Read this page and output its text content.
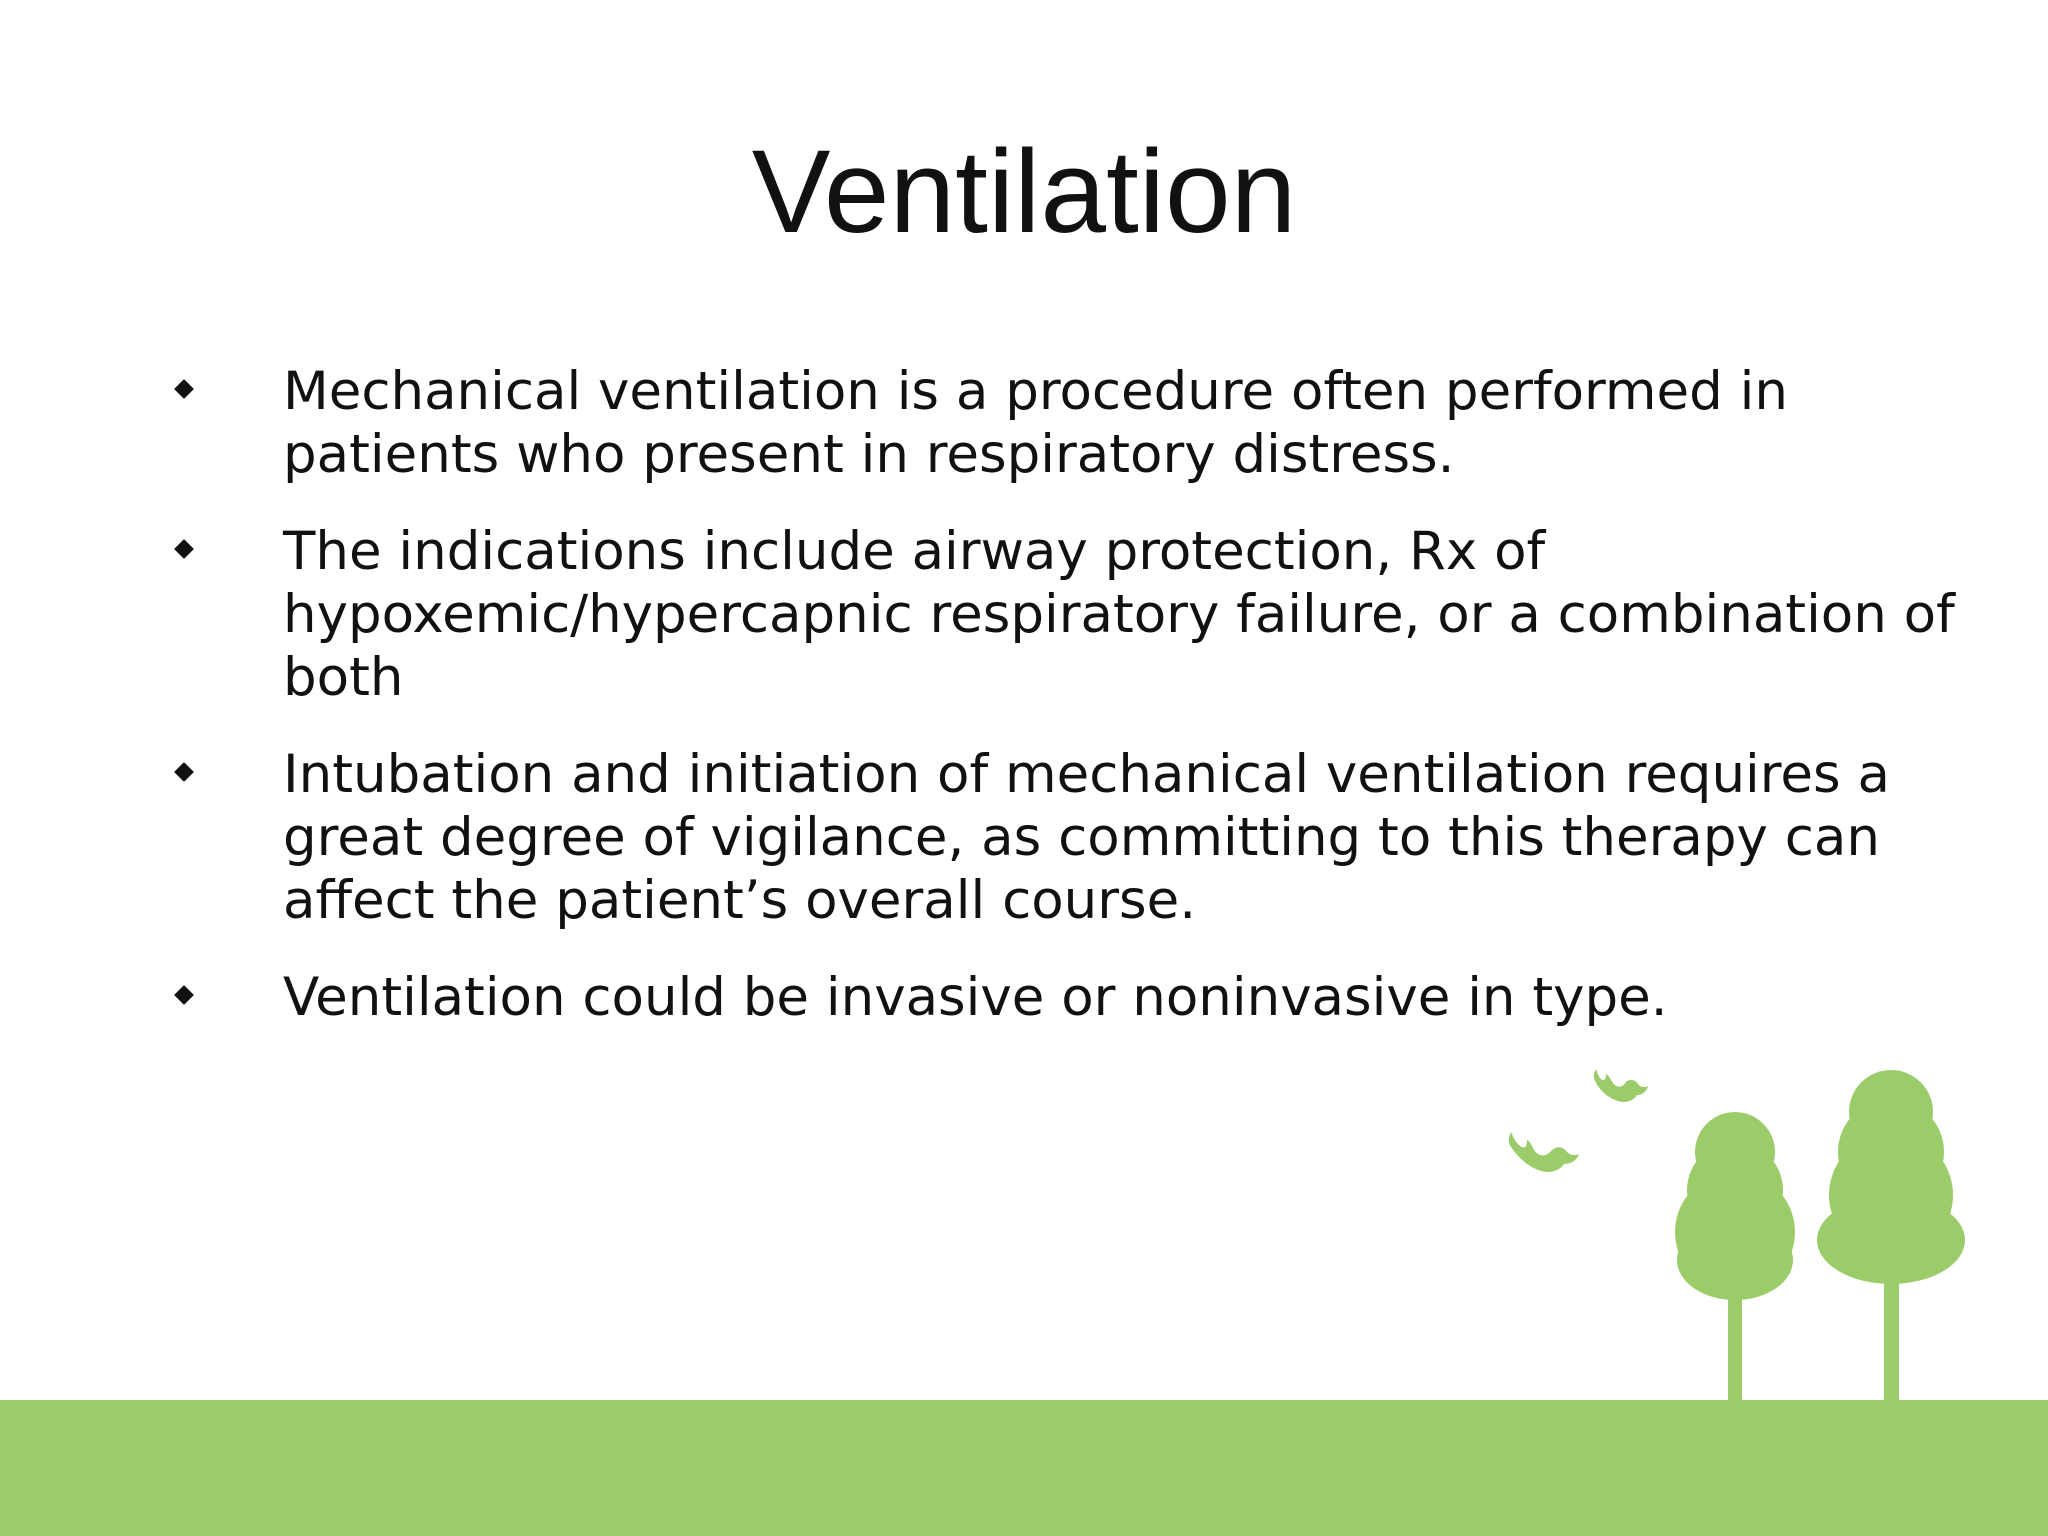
Ventilation
Mechanical ventilation is a procedure often performed in patients who present in respiratory distress.
The indications include airway protection, Rx of hypoxemic/hypercapnic respiratory failure, or a combination of both
Intubation and initiation of mechanical ventilation requires a great degree of vigilance, as committing to this therapy can affect the patient’s overall course.
Ventilation could be invasive or noninvasive in type.
